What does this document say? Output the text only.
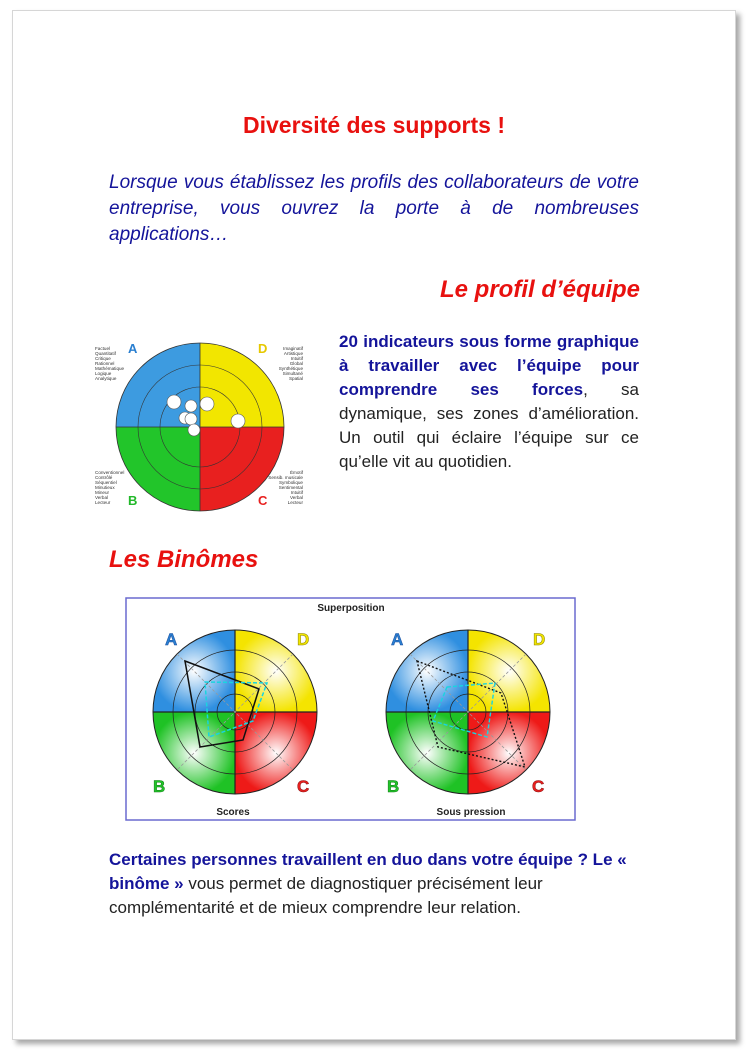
Diversité des supports !
Lorsque vous établissez les profils des collaborateurs de votre entreprise, vous ouvrez la porte à de nombreuses applications…
Le profil d’équipe
A	D
B	C
Factuel
Quantitatif
Critique
Rationnel
Mathématique
Logique
Analytique
Imaginatif
Artistique
Intuitif
Global
Synthétique
Simultané
Spatial
Conventionnel
Contrôlé
Séquentiel
Minutieux
Mineur
Verbal
Lecteur
Émotif
Sensib. musicale
Symbolique
Sentimental
Intuitif
Verbal
Lecteur
20 indicateurs sous forme graphique à travailler avec l’équipe pour comprendre ses forces, sa dynamique, ses zones d’amélioration. Un outil qui éclaire l’équipe sur ce qu’elle vit au quotidien.
Les Binômes
Superposition
A	D
B	C
Scores
A	D
B	C
Sous pression
Certaines personnes travaillent en duo dans votre équipe ? Le « binôme » vous permet de diagnostiquer précisément leur complémentarité et de mieux comprendre leur relation.
